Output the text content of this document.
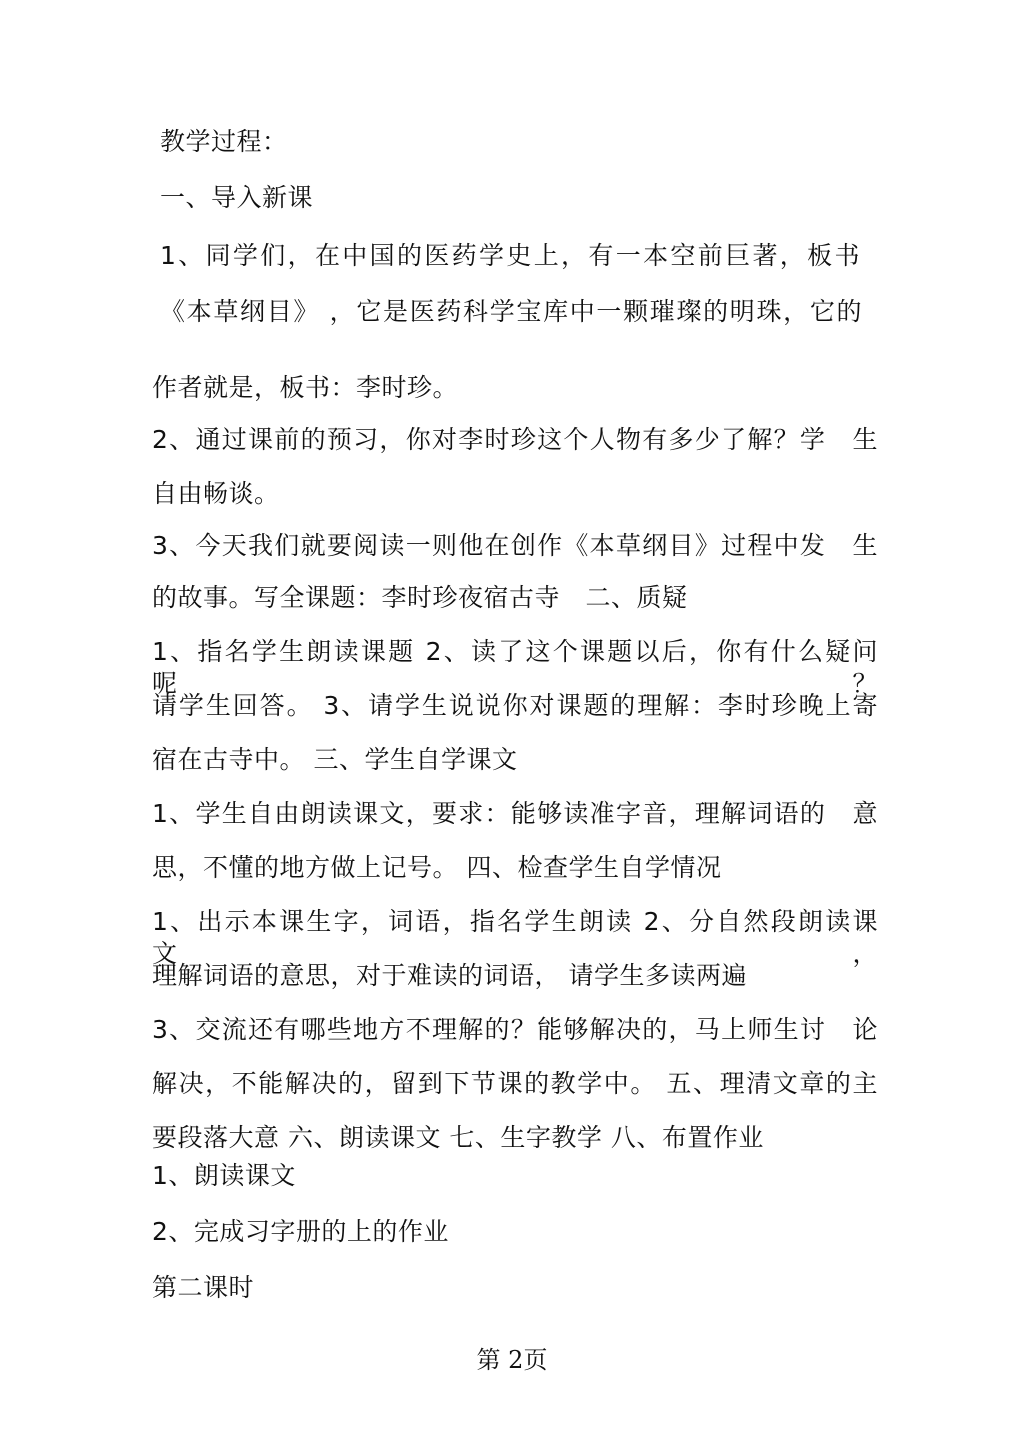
教学过程：
一、导入新课
1、同学们，在中国的医药学史上，有一本空前巨著，板书
《本草纲目》 ，它是医药科学宝库中一颗璀璨的明珠，它的
作者就是，板书：李时珍。
2、通过课前的预习，你对李时珍这个人物有多少了解？学　生
自由畅谈。
3、今天我们就要阅读一则他在创作《本草纲目》过程中发　生
的故事。写全课题：李时珍夜宿古寺　二、质疑
1、指名学生朗读课题 2、读了这个课题以后，你有什么疑问呢？
请学生回答。 3、请学生说说你对课题的理解：李时珍晚上寄
宿在古寺中。 三、学生自学课文
1、学生自由朗读课文，要求：能够读准字音，理解词语的　意
思，不懂的地方做上记号。 四、检查学生自学情况
1、出示本课生字，词语，指名学生朗读 2、分自然段朗读课文，
理解词语的意思，对于难读的词语， 请学生多读两遍
3、交流还有哪些地方不理解的？能够解决的，马上师生讨　论
解决，不能解决的，留到下节课的教学中。 五、理清文章的主
要段落大意 六、朗读课文 七、生字教学 八、布置作业
1、朗读课文
2、完成习字册的上的作业
第二课时
第 2页
